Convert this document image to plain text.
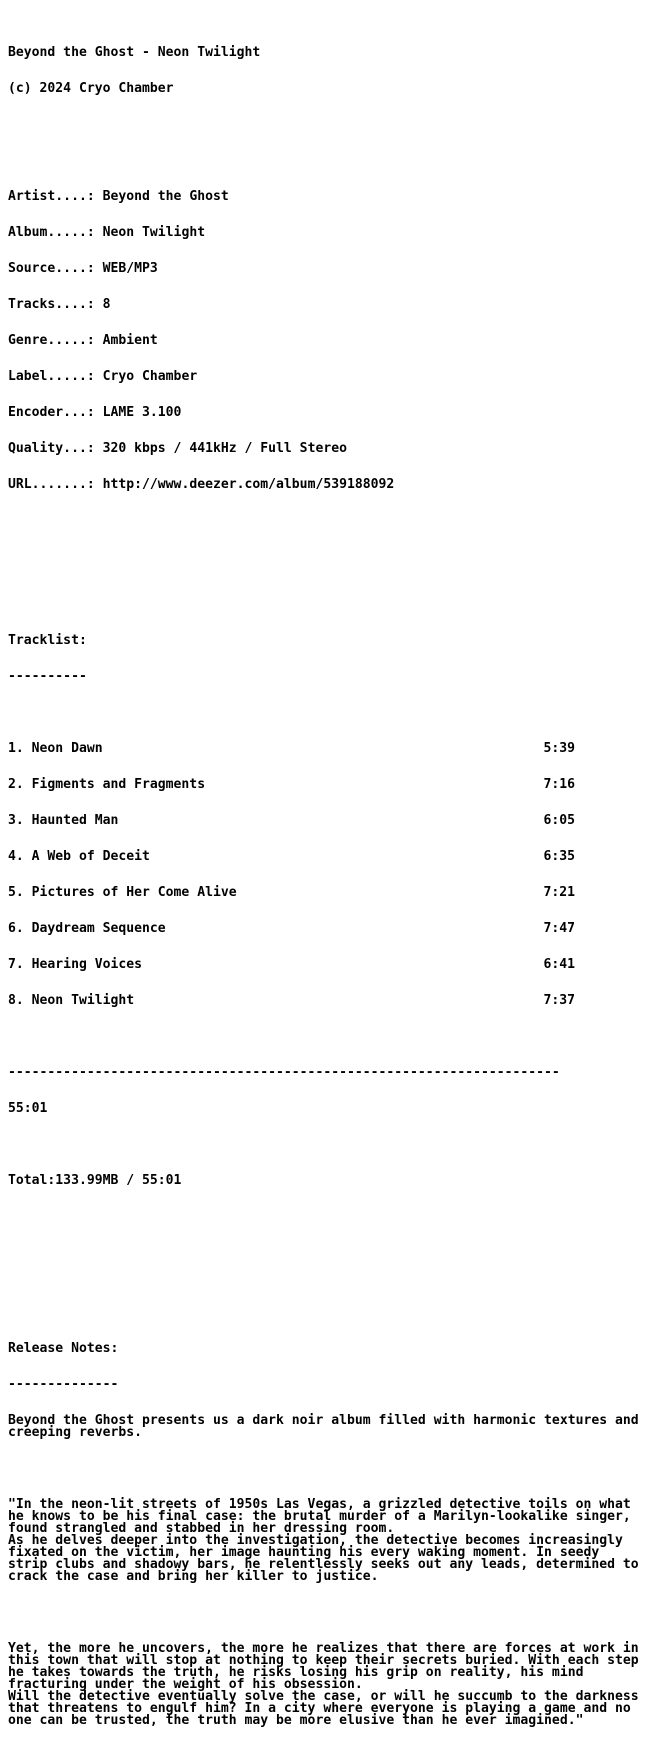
Beyond the Ghost - Neon Twilight

(c) 2024 Cryo Chamber

Artist....: Beyond the Ghost

Album.....: Neon Twilight

Source....: WEB/MP3

Tracks....: 8

Genre.....: Ambient

Label.....: Cryo Chamber

Encoder...: LAME 3.100

Quality...: 320 kbps / 441kHz / Full Stereo

URL.......: http://www.deezer.com/album/539188092

Tracklist:

----------

1. Neon Dawn	5:39

2. Figments and Fragments	7:16

3. Haunted Man	6:05

4. A Web of Deceit	6:35

5. Pictures of Her Come Alive	7:21

6. Daydream Sequence	7:47

7. Hearing Voices	6:41

8. Neon Twilight	7:37

----------------------------------------------------------------------

55:01

Total:133.99MB / 55:01

Release Notes:

--------------

Beyond the Ghost presents us a dark noir album filled with harmonic textures and
creeping reverbs.

"In the neon-lit streets of 1950s Las Vegas, a grizzled detective toils on what
he knows to be his final case: the brutal murder of a Marilyn-lookalike singer,
found strangled and stabbed in her dressing room.
As he delves deeper into the investigation, the detective becomes increasingly
fixated on the victim, her image haunting his every waking moment. In seedy
strip clubs and shadowy bars, he relentlessly seeks out any leads, determined to
crack the case and bring her killer to justice.

Yet, the more he uncovers, the more he realizes that there are forces at work in
this town that will stop at nothing to keep their secrets buried. With each step
he takes towards the truth, he risks losing his grip on reality, his mind
fracturing under the weight of his obsession.
Will the detective eventually solve the case, or will he succumb to the darkness
that threatens to engulf him? In a city where everyone is playing a game and no
one can be trusted, the truth may be more elusive than he ever imagined."
